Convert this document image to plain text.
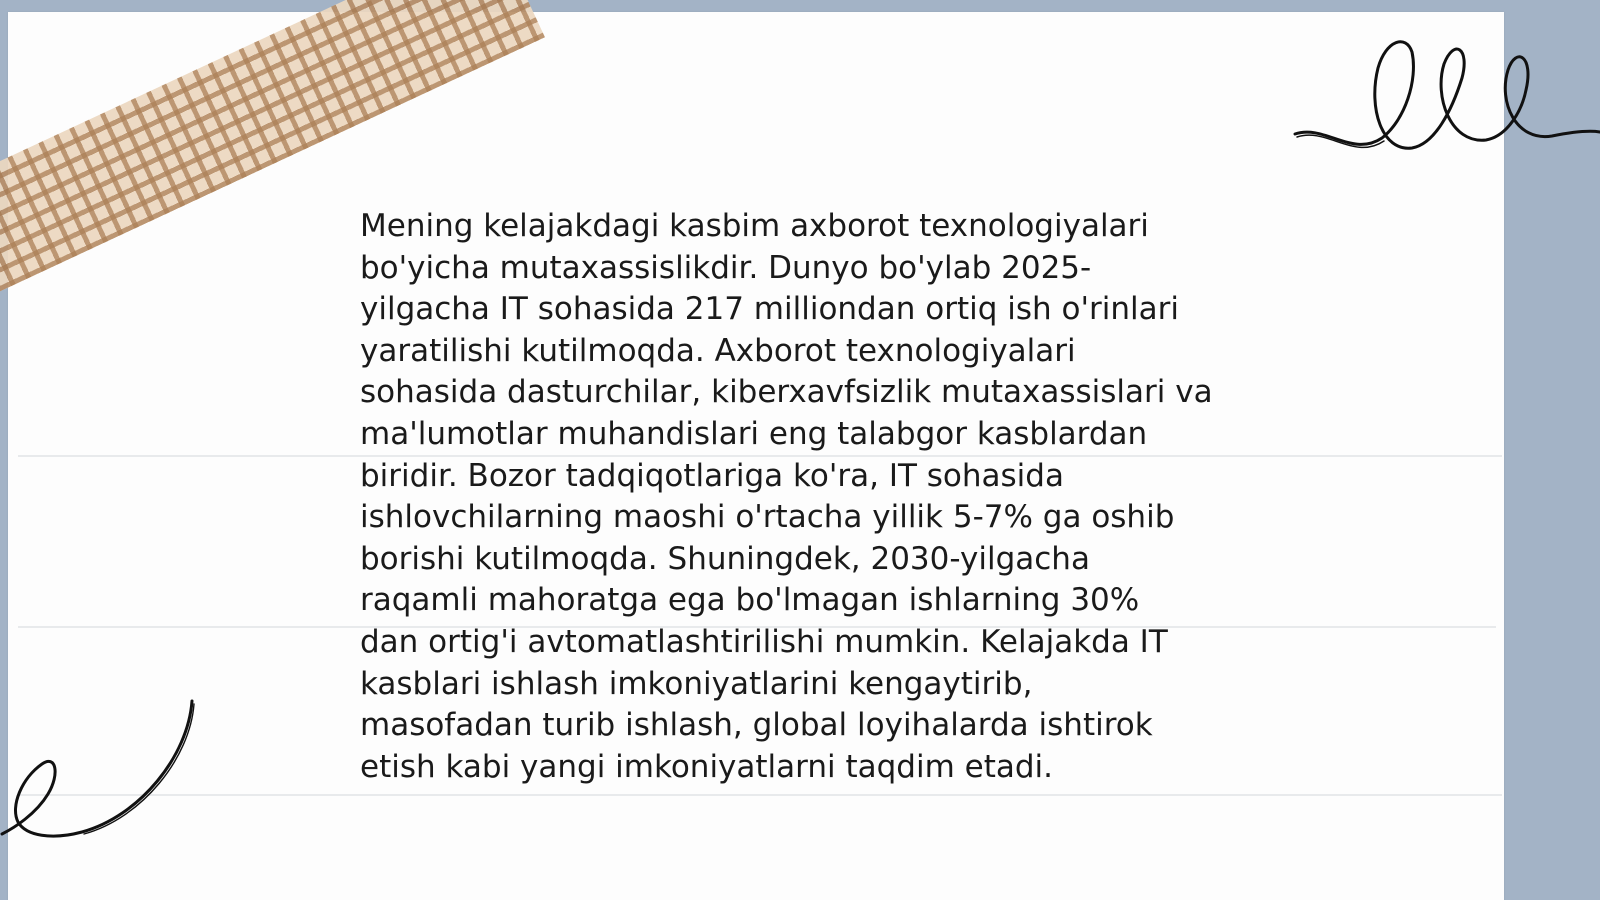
Mening kelajakdagi kasbim axborot texnologiyalari
bo'yicha mutaxassislikdir. Dunyo bo'ylab 2025-
yilgacha IT sohasida 217 milliondan ortiq ish o'rinlari
yaratilishi kutilmoqda. Axborot texnologiyalari
sohasida dasturchilar, kiberxavfsizlik mutaxassislari va
ma'lumotlar muhandislari eng talabgor kasblardan
biridir. Bozor tadqiqotlariga ko'ra, IT sohasida
ishlovchilarning maoshi o'rtacha yillik 5-7% ga oshib
borishi kutilmoqda. Shuningdek, 2030-yilgacha
raqamli mahoratga ega bo'lmagan ishlarning 30%
dan ortig'i avtomatlashtirilishi mumkin. Kelajakda IT
kasblari ishlash imkoniyatlarini kengaytirib,
masofadan turib ishlash, global loyihalarda ishtirok
etish kabi yangi imkoniyatlarni taqdim etadi.
